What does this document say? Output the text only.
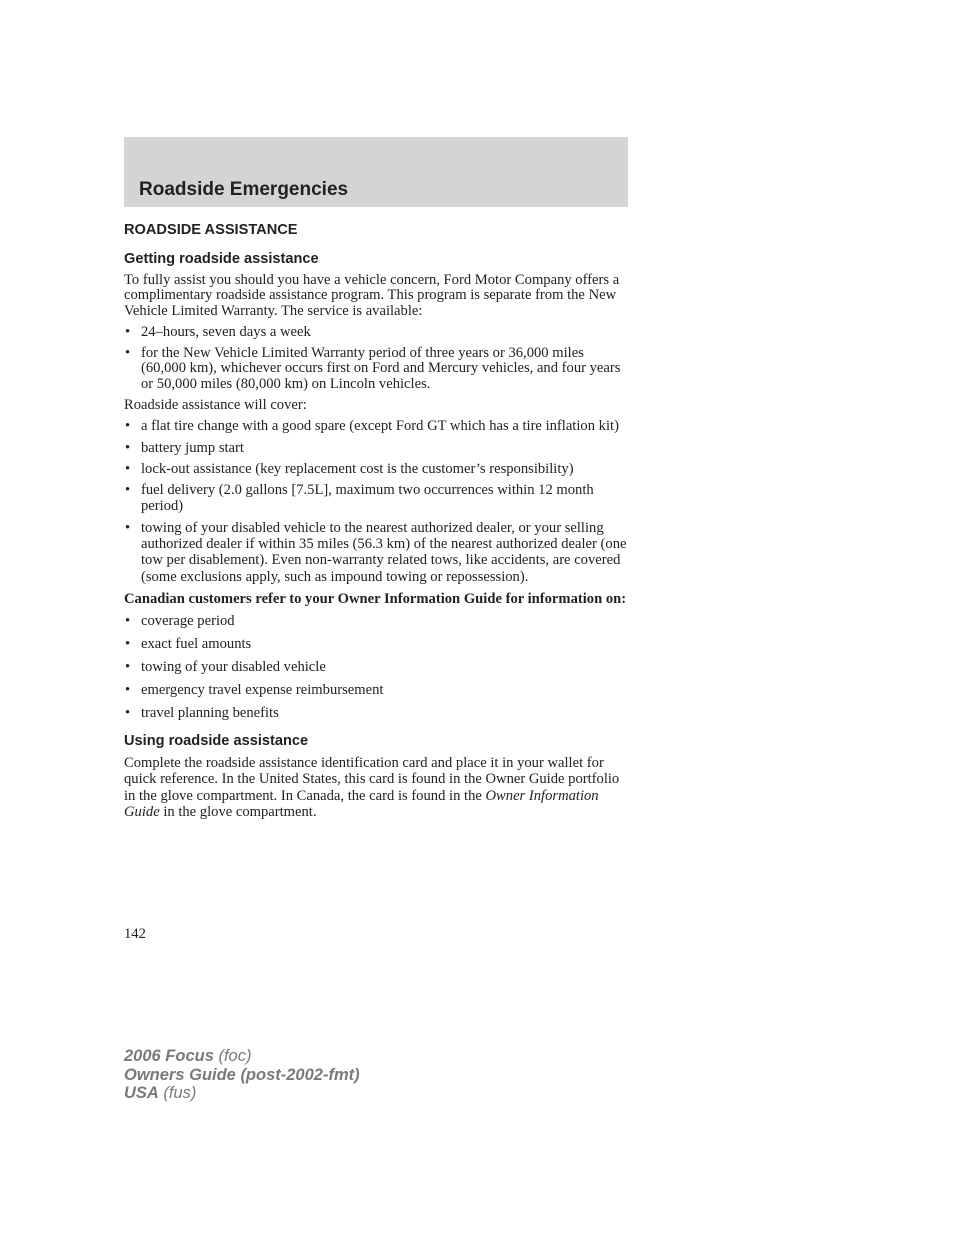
Roadside Emergencies
ROADSIDE ASSISTANCE
Getting roadside assistance

To fully assist you should you have a vehicle concern, Ford Motor Company offers a complimentary roadside assistance program. This program is separate from the New Vehicle Limited Warranty. The service is available:

• 24–hours, seven days a week
• for the New Vehicle Limited Warranty period of three years or 36,000 miles (60,000 km), whichever occurs first on Ford and Mercury vehicles, and four years or 50,000 miles (80,000 km) on Lincoln vehicles.

Roadside assistance will cover:

• a flat tire change with a good spare (except Ford GT which has a tire inflation kit)
• battery jump start
• lock-out assistance (key replacement cost is the customer’s responsibility)
• fuel delivery (2.0 gallons [7.5L], maximum two occurrences within 12 month period)
• towing of your disabled vehicle to the nearest authorized dealer, or your selling authorized dealer if within 35 miles (56.3 km) of the nearest authorized dealer (one tow per disablement). Even non-warranty related tows, like accidents, are covered (some exclusions apply, such as impound towing or repossession).
Canadian customers refer to your Owner Information Guide for information on:
• coverage period
• exact fuel amounts
• towing of your disabled vehicle
• emergency travel expense reimbursement
• travel planning benefits
Using roadside assistance

Complete the roadside assistance identification card and place it in your wallet for quick reference. In the United States, this card is found in the Owner Guide portfolio in the glove compartment. In Canada, the card is found in the Owner Information Guide in the glove compartment.

142
2006 Focus (foc)
Owners Guide (post-2002-fmt)
USA (fus)
